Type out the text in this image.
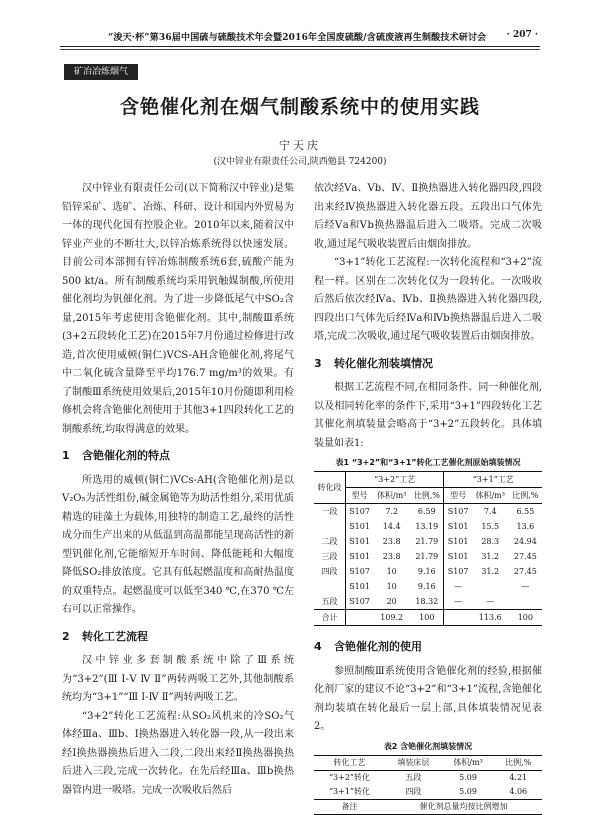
“浚天·杯”第36届中国硫与硫酸技术年会暨2016年全国废硫酸/含硫废液再生制酸技术研讨会 · 207 ·
矿冶冶炼烟气
含铯催化剂在烟气制酸系统中的使用实践
宁天庆
(汉中锌业有限责任公司,陕西勉县 724200)

汉中锌业有限责任公司(以下简称汉中锌业)是集铅锌采矿、选矿、冶炼、科研、设计和国内外贸易为一体的现代化国有控股企业。2010年以来,随着汉中锌业产业的不断壮大,以锌冶炼系统得以快速发展。目前公司本部拥有锌冶炼制酸系统6套,硫酸产能为500 kt/a。所有制酸系统均采用钒触媒制酸,所使用催化剂均为钒催化剂。为了进一步降低尾气中SO₂含量,2015年考虑使用含铯催化剂。其中,制酸Ⅲ系统(3+2五段转化工艺)在2015年7月份通过检修进行改造,首次使用威顿(铜仁)VCS-AH含铯催化剂,将尾气中二氧化硫含量降至平均176.7 mg/m³的效果。有了制酸Ⅲ系统使用效果后,2015年10月份随即利用检修机会将含铯催化剂使用于其他3+1四段转化工艺的制酸系统,均取得满意的效果。

1 含铯催化剂的特点

所选用的威顿(铜仁)VCs-AH(含铯催化剂)是以V₂O₅为活性组份,碱金属铯等为助活性组分,采用优质精选的硅藻土为载体,用独特的制造工艺,最终的活性成分而生产出来的从低温到高温都能呈现高活性的新型钒催化剂,它能缩短开车时间、降低能耗和大幅度降低SO₂排放浓度。它具有低起燃温度和高耐热温度的双重特点。起燃温度可以低至340 ℃,在370 ℃左右可以正常操作。

2 转化工艺流程

汉中锌业多套制酸系统中除了Ⅲ系统为“3+2”(Ⅲ Ⅰ-Ⅴ Ⅳ Ⅱ”两转两吸工艺外,其他制酸系统均为“3+1”“Ⅲ Ⅰ-Ⅳ Ⅱ”两转两吸工艺。

“3+2”转化工艺流程:从SO₂风机来的冷SO₂气体经Ⅲa、Ⅲb、Ⅰ换热器进入转化器一段,从一段出来经Ⅰ换热器换热后进入二段,二段出来经Ⅱ换热器换热后进入三段,完成一次转化。在先后经Ⅲa、Ⅲb换热器管内进一吸塔。完成一次吸收后然后

依次经Ⅴa、Ⅴb、Ⅳ、Ⅱ换热器进入转化器四段,四段出来经Ⅳ换热器进入转化器五段。五段出口气体先后经Ⅴa和Ⅴb换热器温后进入二吸塔。完成二次吸收,通过尾气吸收装置后由烟囱排放。

“3+1”转化工艺流程:一次转化流程和“3+2”流程一样。区别在二次转化仅为一段转化。一次吸收后然后依次经Ⅳa、Ⅳb、Ⅱ换热器进入转化器四段,四段出口气体先后经Ⅳa和Ⅳb换热器温后进入二吸塔,完成二次吸收,通过尾气吸收装置后由烟囱排放。

3 转化催化剂装填情况

根据工艺流程不同,在相同条件、同一种催化剂,以及相同转化率的条件下,采用“3+1”四段转化工艺其催化剂填装量会略高于“3+2”五段转化。具体填装量如表1:

表1 “3+2”和“3+1”转化工艺催化剂原始填装情况
转化段	“3+2”工艺			“3+1”工艺		
	型号	体积/m³	比例,%	型号	体积/m³	比例,%
一段	S107	7.2	6.59	S107	7.4	6.55
	S101	14.4	13.19	S101	15.5	13.6
二段	S101	23.8	21.79	S101	28.3	24.94
三段	S101	23.8	21.79	S101	31.2	27.45
四段	S107	10	9.16	S107	31.2	27.45
	S101	10	9.16	—		—
五段	S107	20	18.32	—	—	
合计		109.2	100		113.6	100
4 含铯催化剂的使用

参照制酸Ⅲ系统使用含铯催化剂的经验,根据催化剂厂家的建议不论“3+2”和“3+1”流程,含铯催化剂均装填在转化最后一层上部,具体填装情况见表2。

表2 含铯催化剂填装情况
转化工艺	填装床层	体积/m³	比例,%
“3+2”转化	五段	5.09	4.21
“3+1”转化	四段	5.09	4.06
备注	催化剂总量均按比例增加		
